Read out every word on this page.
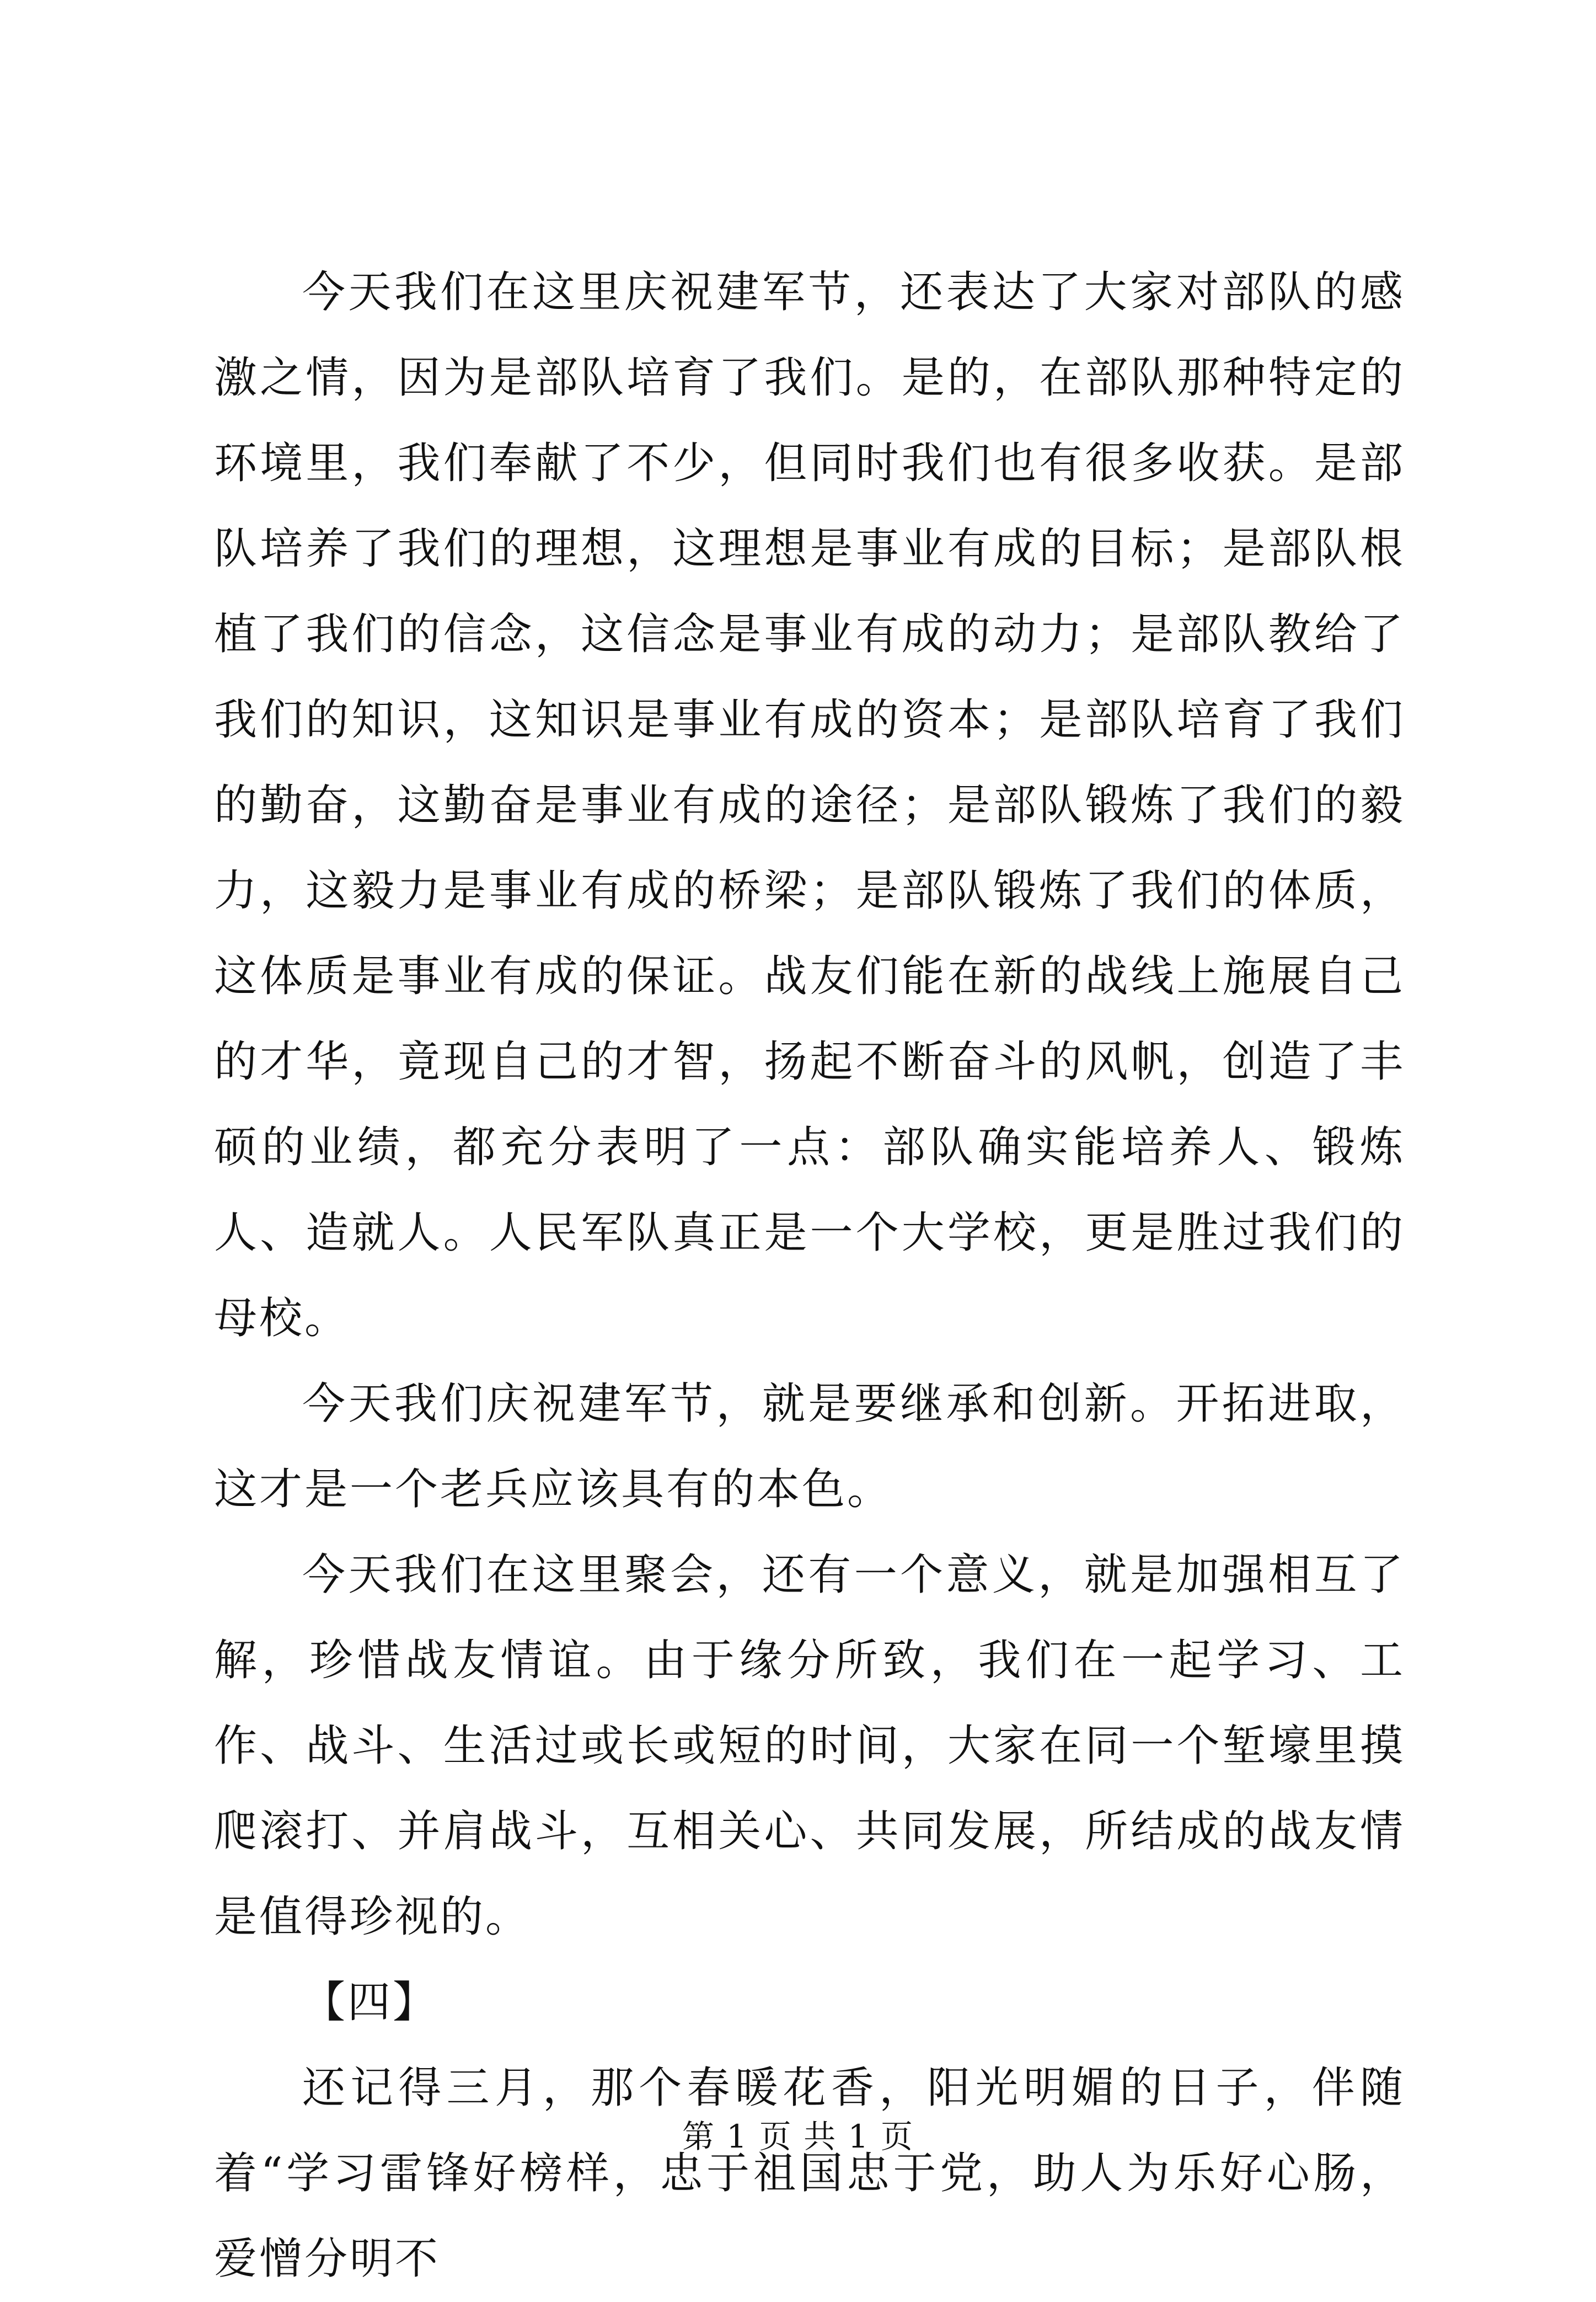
今天我们在这里庆祝建军节，还表达了大家对部队的感激之情，因为是部队培育了我们。是的，在部队那种特定的环境里，我们奉献了不少，但同时我们也有很多收获。是部队培养了我们的理想，这理想是事业有成的目标；是部队根植了我们的信念，这信念是事业有成的动力；是部队教给了我们的知识，这知识是事业有成的资本；是部队培育了我们的勤奋，这勤奋是事业有成的途径；是部队锻炼了我们的毅力，这毅力是事业有成的桥梁；是部队锻炼了我们的体质，这体质是事业有成的保证。战友们能在新的战线上施展自己的才华，竟现自己的才智，扬起不断奋斗的风帆，创造了丰硕的业绩，都充分表明了一点：部队确实能培养人、锻炼人、造就人。人民军队真正是一个大学校，更是胜过我们的母校。

今天我们庆祝建军节，就是要继承和创新。开拓进取，这才是一个老兵应该具有的本色。

今天我们在这里聚会，还有一个意义，就是加强相互了解，珍惜战友情谊。由于缘分所致，我们在一起学习、工作、战斗、生活过或长或短的时间，大家在同一个堑壕里摸爬滚打、并肩战斗，互相关心、共同发展，所结成的战友情是值得珍视的。

【四】

还记得三月，那个春暖花香，阳光明媚的日子，伴随着“学习雷锋好榜样，忠于祖国忠于党，助人为乐好心肠，爱憎分明不

第 1 页 共 1 页
